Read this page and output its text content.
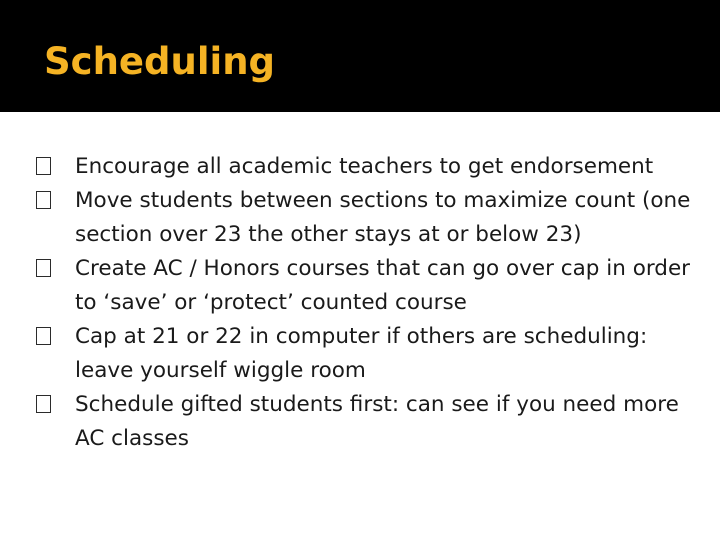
Scheduling
Encourage all academic teachers to get endorsement
Move students between sections to maximize count (one section over 23 the other stays at or below 23)
Create AC / Honors courses that can go over cap in order to ‘save’ or ‘protect’ counted course
Cap at 21 or 22 in computer if others are scheduling: leave yourself wiggle room
Schedule gifted students first: can see if you need more AC classes
